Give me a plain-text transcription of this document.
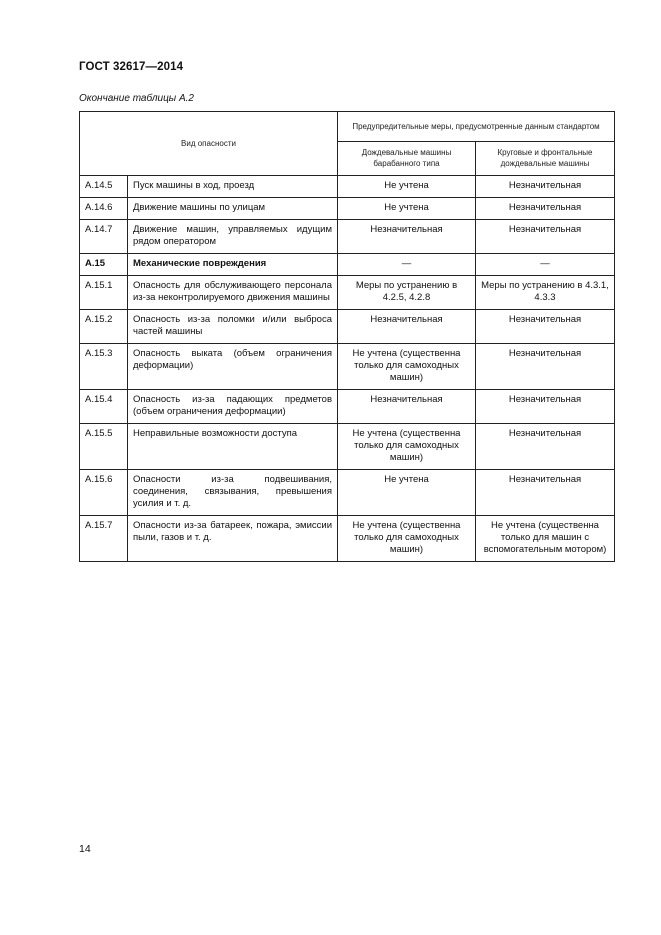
ГОСТ 32617—2014
Окончание таблицы А.2
Вид опасности		Предупредительные меры, предусмотренные данным стандартом	
		Дождевальные машины барабанного типа	Круговые и фронтальные дождевальные машины
А.14.5	Пуск машины в ход, проезд	Не учтена	Незначительная
А.14.6	Движение машины по улицам	Не учтена	Незначительная
А.14.7	Движение машин, управляемых идущим рядом оператором	Незначительная	Незначительная
А.15	Механические повреждения	—	—
А.15.1	Опасность для обслуживающего персонала из-за неконтролируемого движения машины	Меры по устранению в 4.2.5, 4.2.8	Меры по устранению в 4.3.1, 4.3.3
А.15.2	Опасность из-за поломки и/или выброса частей машины	Незначительная	Незначительная
А.15.3	Опасность выката (объем ограничения деформации)	Не учтена (существенна только для самоходных машин)	Незначительная
А.15.4	Опасность из-за падающих предметов (объем ограничения деформации)	Незначительная	Незначительная
А.15.5	Неправильные возможности доступа	Не учтена (существенна только для самоходных машин)	Незначительная
А.15.6	Опасности из-за подвешивания, соединения, связывания, превышения усилия и т. д.	Не учтена	Незначительная
А.15.7	Опасности из-за батареек, пожара, эмиссии пыли, газов и т. д.	Не учтена (существенна только для самоходных машин)	Не учтена (существенна только для машин с вспомогательным мотором)
14
